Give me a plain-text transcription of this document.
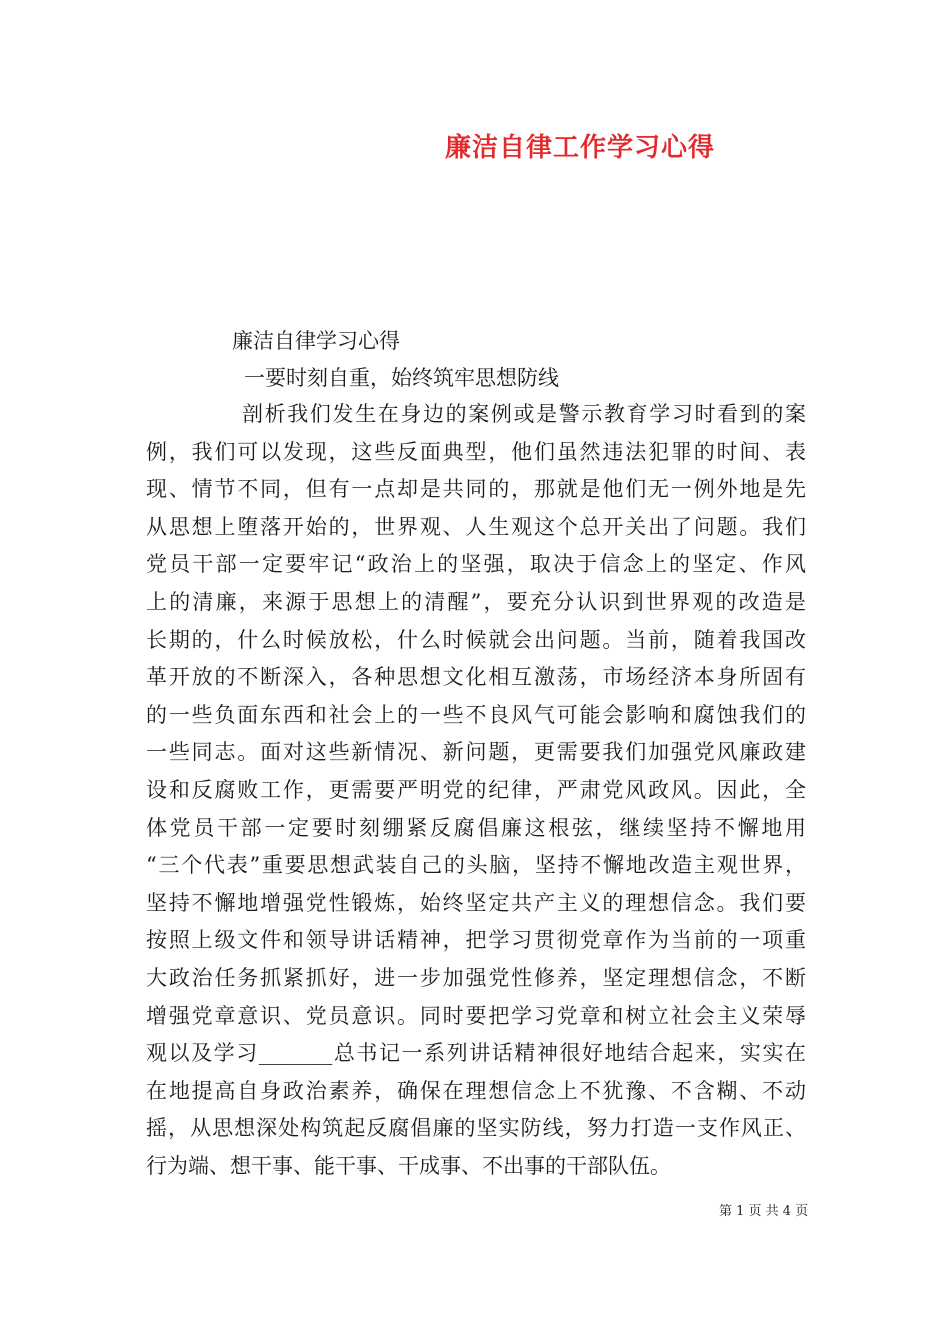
廉洁自律工作学习心得
廉洁自律学习心得
一要时刻自重，始终筑牢思想防线
剖析我们发生在身边的案例或是警示教育学习时看到的案
例，我们可以发现，这些反面典型，他们虽然违法犯罪的时间、表
现、情节不同，但有一点却是共同的，那就是他们无一例外地是先
从思想上堕落开始的，世界观、人生观这个总开关出了问题。我们
党员干部一定要牢记“政治上的坚强，取决于信念上的坚定、作风
上的清廉，来源于思想上的清醒”，要充分认识到世界观的改造是
长期的，什么时候放松，什么时候就会出问题。当前，随着我国改
革开放的不断深入，各种思想文化相互激荡，市场经济本身所固有
的一些负面东西和社会上的一些不良风气可能会影响和腐蚀我们的
一些同志。面对这些新情况、新问题，更需要我们加强党风廉政建
设和反腐败工作，更需要严明党的纪律，严肃党风政风。因此，全
体党员干部一定要时刻绷紧反腐倡廉这根弦，继续坚持不懈地用
“三个代表”重要思想武装自己的头脑，坚持不懈地改造主观世界，
坚持不懈地增强党性锻炼，始终坚定共产主义的理想信念。我们要
按照上级文件和领导讲话精神，把学习贯彻党章作为当前的一项重
大政治任务抓紧抓好，进一步加强党性修养，坚定理想信念，不断
增强党章意识、党员意识。同时要把学习党章和树立社会主义荣辱
观以及学习_______总书记一系列讲话精神很好地结合起来，实实在
在地提高自身政治素养，确保在理想信念上不犹豫、不含糊、不动
摇，从思想深处构筑起反腐倡廉的坚实防线，努力打造一支作风正、
行为端、想干事、能干事、干成事、不出事的干部队伍。
第 1 页 共 4 页
